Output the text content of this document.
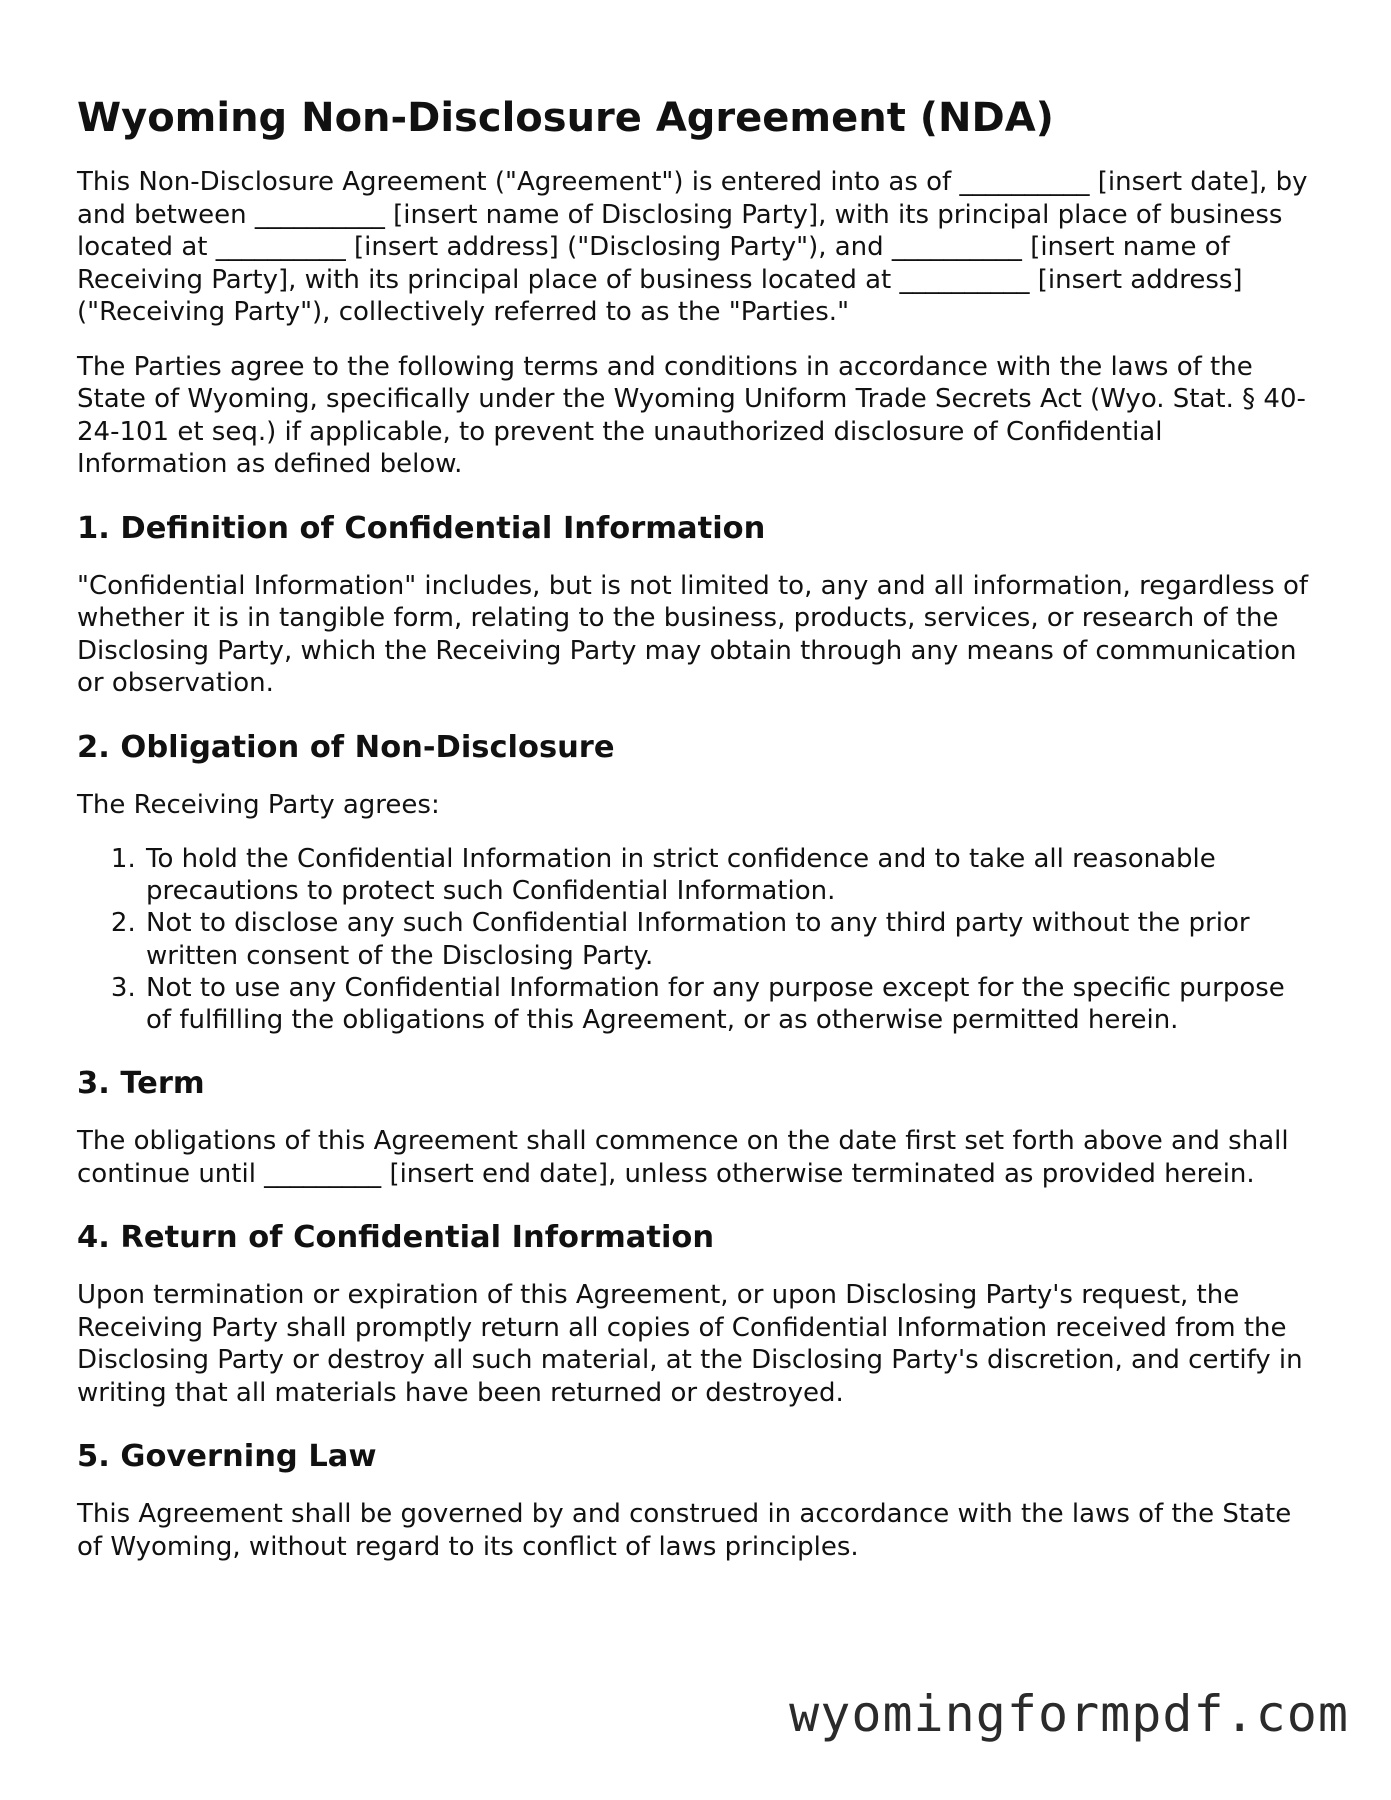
Wyoming Non-Disclosure Agreement (NDA)

This Non-Disclosure Agreement ("Agreement") is entered into as of __________ [insert date], by and between __________ [insert name of Disclosing Party], with its principal place of business located at __________ [insert address] ("Disclosing Party"), and __________ [insert name of Receiving Party], with its principal place of business located at __________ [insert address] ("Receiving Party"), collectively referred to as the "Parties."

The Parties agree to the following terms and conditions in accordance with the laws of the State of Wyoming, specifically under the Wyoming Uniform Trade Secrets Act (Wyo. Stat. § 40-24-101 et seq.) if applicable, to prevent the unauthorized disclosure of Confidential Information as defined below.

1. Definition of Confidential Information

"Confidential Information" includes, but is not limited to, any and all information, regardless of whether it is in tangible form, relating to the business, products, services, or research of the Disclosing Party, which the Receiving Party may obtain through any means of communication or observation.

2. Obligation of Non-Disclosure

The Receiving Party agrees:

1. To hold the Confidential Information in strict confidence and to take all reasonable precautions to protect such Confidential Information.
2. Not to disclose any such Confidential Information to any third party without the prior written consent of the Disclosing Party.
3. Not to use any Confidential Information for any purpose except for the specific purpose of fulfilling the obligations of this Agreement, or as otherwise permitted herein.
3. Term

The obligations of this Agreement shall commence on the date first set forth above and shall continue until _________ [insert end date], unless otherwise terminated as provided herein.

4. Return of Confidential Information

Upon termination or expiration of this Agreement, or upon Disclosing Party's request, the Receiving Party shall promptly return all copies of Confidential Information received from the Disclosing Party or destroy all such material, at the Disclosing Party's discretion, and certify in writing that all materials have been returned or destroyed.

5. Governing Law

This Agreement shall be governed by and construed in accordance with the laws of the State of Wyoming, without regard to its conflict of laws principles.

wyomingformpdf.com
